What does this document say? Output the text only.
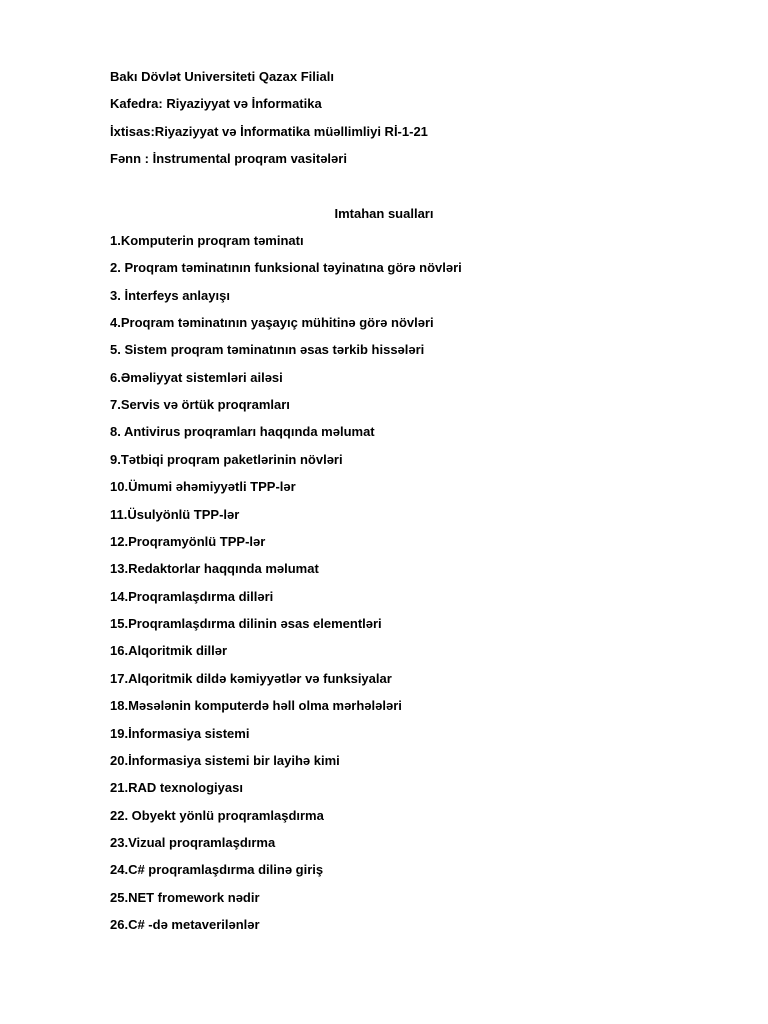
Bakı Dövlət Universiteti Qazax Filialı
Kafedra: Riyaziyyat və İnformatika
İxtisas:Riyaziyyat və İnformatika müəllimliyi Rİ-1-21
Fənn : İnstrumental proqram vasitələri
Imtahan sualları
1.Komputerin proqram təminatı
2. Proqram təminatının funksional təyinatına görə növləri
3. İnterfeys anlayışı
4.Proqram təminatının yaşayıç mühitinə görə növləri
5. Sistem proqram təminatının əsas tərkib hissələri
6.Əməliyyat sistemləri ailəsi
7.Servis və örtük proqramları
8. Antivirus proqramları haqqında məlumat
9.Tətbiqi proqram paketlərinin növləri
10.Ümumi əhəmiyyətli TPP-lər
11.Üsulyönlü TPP-lər
12.Proqramyönlü TPP-lər
13.Redaktorlar haqqında məlumat
14.Proqramlaşdırma dilləri
15.Proqramlaşdırma dilinin əsas elementləri
16.Alqoritmik dillər
17.Alqoritmik dildə kəmiyyətlər və funksiyalar
18.Məsələnin komputerdə həll olma mərhələləri
19.İnformasiya sistemi
20.İnformasiya sistemi bir layihə kimi
21.RAD texnologiyası
22. Obyekt yönlü proqramlaşdırma
23.Vizual proqramlaşdırma
24.C# proqramlaşdırma dilinə giriş
25.NET fromework nədir
26.C# -də metaverilənlər
